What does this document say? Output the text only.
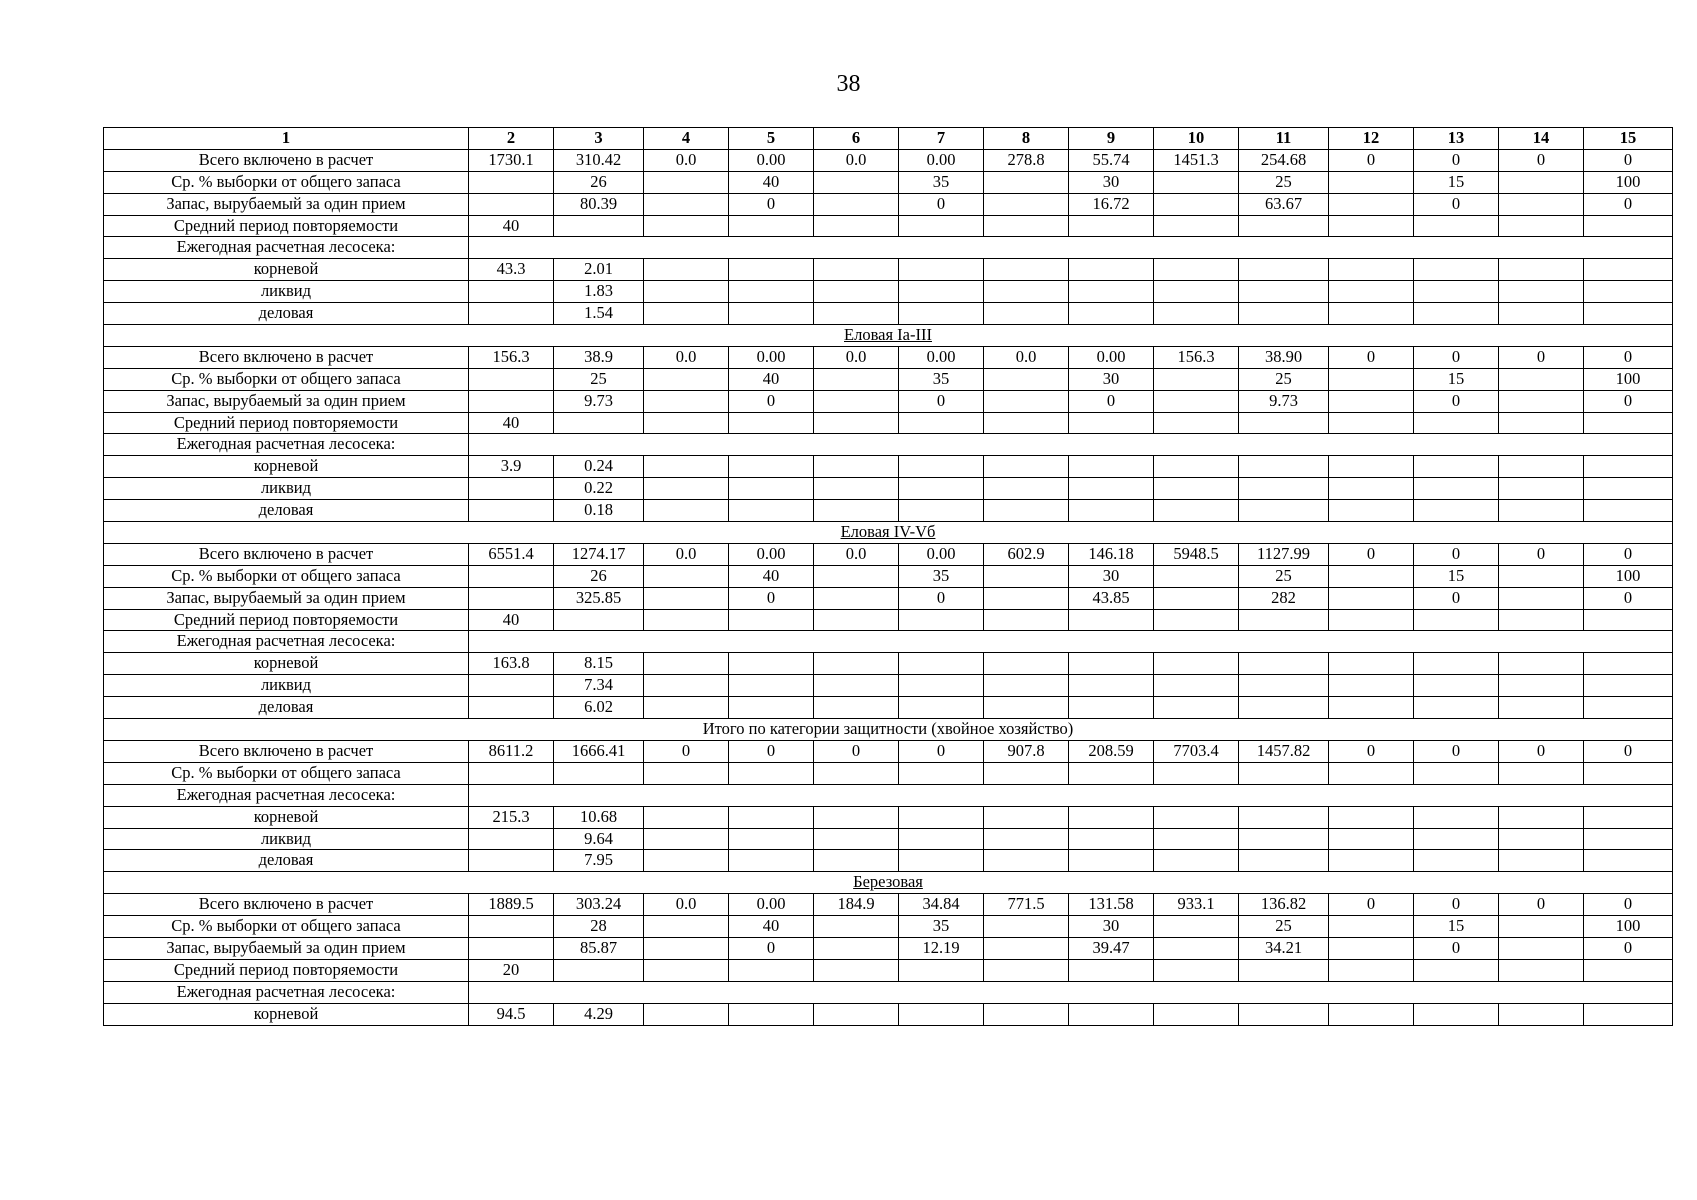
38
1	2	3	4	5	6	7	8	9	10	11	12	13	14	15
Всего включено в расчет	1730.1	310.42	0.0	0.00	0.0	0.00	278.8	55.74	1451.3	254.68	0	0	0	0
Ср. % выборки от общего запаса		26		40		35		30		25		15		100
Запас, вырубаемый за один прием		80.39		0		0		16.72		63.67		0		0
Средний период повторяемости	40													
Ежегодная расчетная лесосека:														
корневой	43.3	2.01												
ликвид		1.83												
деловая		1.54												
Еловая Ia-III														
Всего включено в расчет	156.3	38.9	0.0	0.00	0.0	0.00	0.0	0.00	156.3	38.90	0	0	0	0
Ср. % выборки от общего запаса		25		40		35		30		25		15		100
Запас, вырубаемый за один прием		9.73		0		0		0		9.73		0		0
Средний период повторяемости	40													
Ежегодная расчетная лесосека:														
корневой	3.9	0.24												
ликвид		0.22												
деловая		0.18												
Еловая IV-Vб														
Всего включено в расчет	6551.4	1274.17	0.0	0.00	0.0	0.00	602.9	146.18	5948.5	1127.99	0	0	0	0
Ср. % выборки от общего запаса		26		40		35		30		25		15		100
Запас, вырубаемый за один прием		325.85		0		0		43.85		282		0		0
Средний период повторяемости	40													
Ежегодная расчетная лесосека:														
корневой	163.8	8.15												
ликвид		7.34												
деловая		6.02												
Итого по категории защитности (хвойное хозяйство)														
Всего включено в расчет	8611.2	1666.41	0	0	0	0	907.8	208.59	7703.4	1457.82	0	0	0	0
Ср. % выборки от общего запаса														
Ежегодная расчетная лесосека:														
корневой	215.3	10.68												
ликвид		9.64												
деловая		7.95												
Березовая														
Всего включено в расчет	1889.5	303.24	0.0	0.00	184.9	34.84	771.5	131.58	933.1	136.82	0	0	0	0
Ср. % выборки от общего запаса		28		40		35		30		25		15		100
Запас, вырубаемый за один прием		85.87		0		12.19		39.47		34.21		0		0
Средний период повторяемости	20													
Ежегодная расчетная лесосека:														
корневой	94.5	4.29												
